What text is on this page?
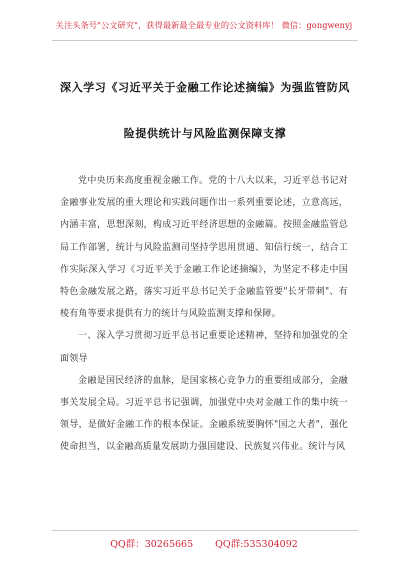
关注头条号"公文研究"，获得最新最全最专业的公文资料库！ 微信：gongwenyj
深入学习《习近平关于金融工作论述摘编》为强监管防风
险提供统计与风险监测保障支撑

党中央历来高度重视金融工作。党的十八大以来，习近平总书记对金融事业发展的重大理论和实践问题作出一系列重要论述，立意高远，内涵丰富，思想深刻，构成习近平经济思想的金融篇。按照金融监管总局工作部署，统计与风险监测司坚持学思用贯通、知信行统一，结合工作实际深入学习《习近平关于金融工作论述摘编》，为坚定不移走中国特色金融发展之路，落实习近平总书记关于金融监管要"长牙带刺"、有棱有角等要求提供有力的统计与风险监测支撑和保障。

一、深入学习贯彻习近平总书记重要论述精神，坚持和加强党的全面领导

金融是国民经济的血脉，是国家核心竞争力的重要组成部分，金融事关发展全局。习近平总书记强调，加强党中央对金融工作的集中统一领导，是做好金融工作的根本保证。金融系统要胸怀"国之大者"，强化使命担当，以金融高质量发展助力强国建设、民族复兴伟业。统计与风

QQ群：30265665 QQ群:535304092
